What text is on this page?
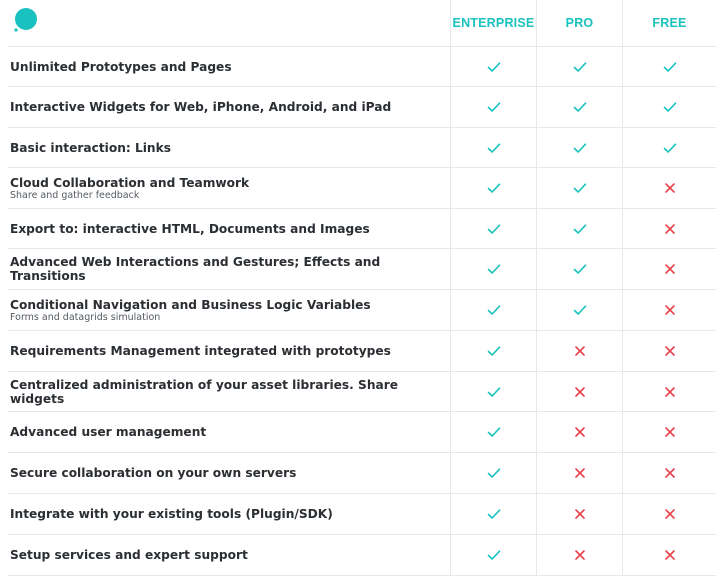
ENTERPRISE	PRO	FREE
Unlimited Prototypes and Pages
Interactive Widgets for Web, iPhone, Android, and iPad
Basic interaction: Links
Cloud Collaboration and Teamwork
Share and gather feedback
Export to: interactive HTML, Documents and Images
Advanced Web Interactions and Gestures; Effects and Transitions
Conditional Navigation and Business Logic Variables
Forms and datagrids simulation
Requirements Management integrated with prototypes
Centralized administration of your asset libraries. Share widgets
Advanced user management
Secure collaboration on your own servers
Integrate with your existing tools (Plugin/SDK)
Setup services and expert support
